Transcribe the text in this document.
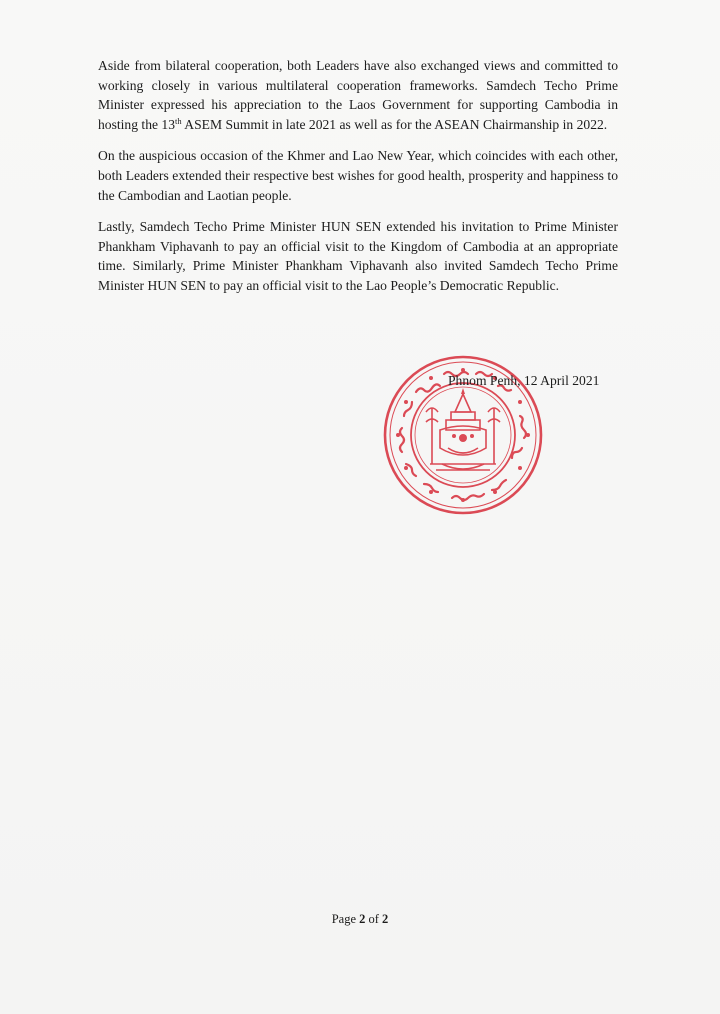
Aside from bilateral cooperation, both Leaders have also exchanged views and committed to working closely in various multilateral cooperation frameworks. Samdech Techo Prime Minister expressed his appreciation to the Laos Government for supporting Cambodia in hosting the 13th ASEM Summit in late 2021 as well as for the ASEAN Chairmanship in 2022.

On the auspicious occasion of the Khmer and Lao New Year, which coincides with each other, both Leaders extended their respective best wishes for good health, prosperity and happiness to the Cambodian and Laotian people.

Lastly, Samdech Techo Prime Minister HUN SEN extended his invitation to Prime Minister Phankham Viphavanh to pay an official visit to the Kingdom of Cambodia at an appropriate time. Similarly, Prime Minister Phankham Viphavanh also invited Samdech Techo Prime Minister HUN SEN to pay an official visit to the Lao People’s Democratic Republic.

Phnom Penh, 12 April 2021
Page 2 of 2
